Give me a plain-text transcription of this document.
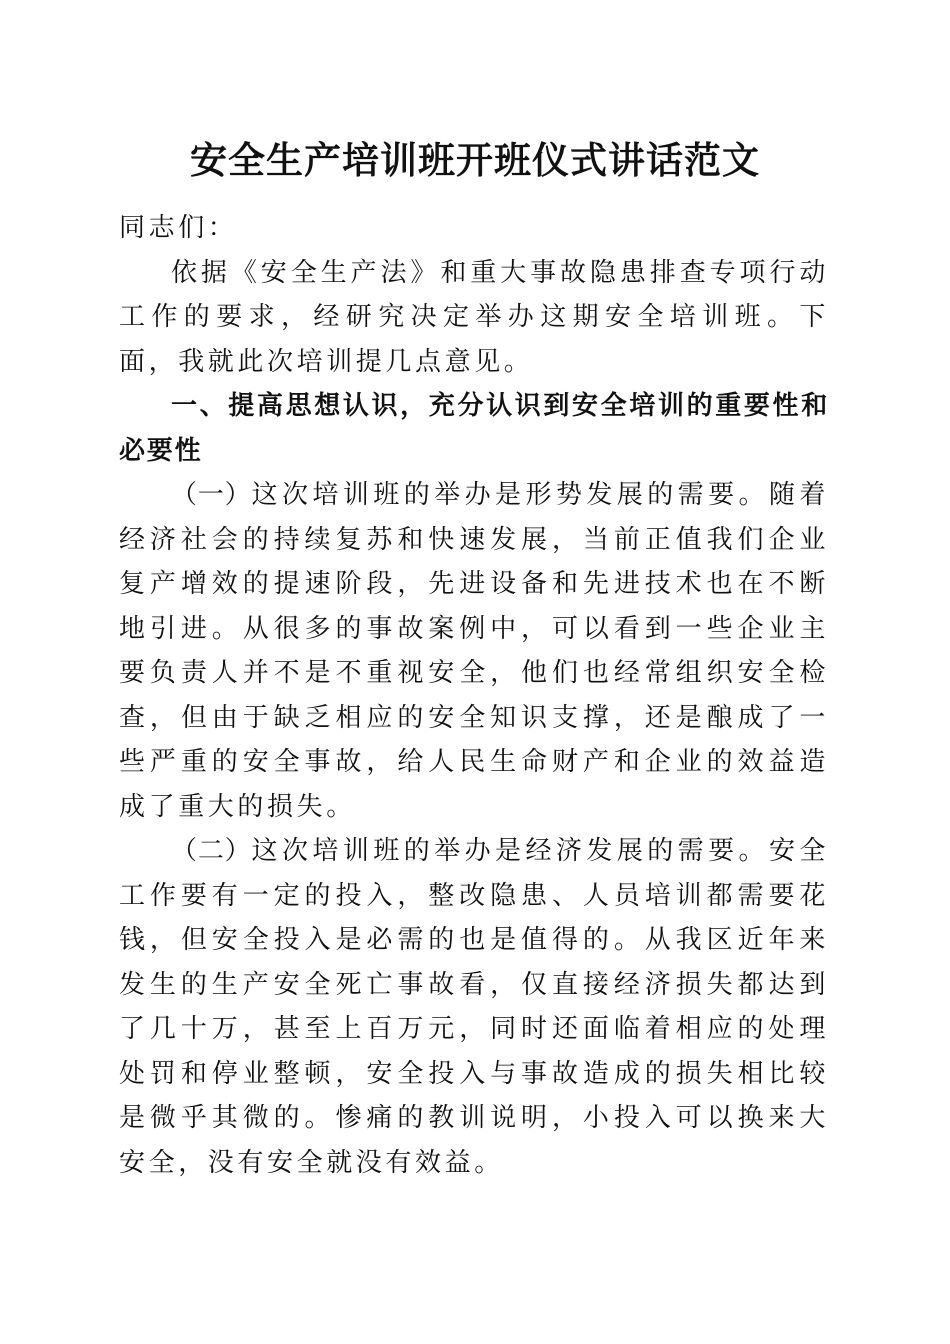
安全生产培训班开班仪式讲话范文

同志们：

依据《安全生产法》和重大事故隐患排查专项行动工作的要求，经研究决定举办这期安全培训班。下面，我就此次培训提几点意见。

一、提高思想认识，充分认识到安全培训的重要性和必要性

（一）这次培训班的举办是形势发展的需要。随着经济社会的持续复苏和快速发展，当前正值我们企业复产增效的提速阶段，先进设备和先进技术也在不断地引进。从很多的事故案例中，可以看到一些企业主要负责人并不是不重视安全，他们也经常组织安全检查，但由于缺乏相应的安全知识支撑，还是酿成了一些严重的安全事故，给人民生命财产和企业的效益造成了重大的损失。

（二）这次培训班的举办是经济发展的需要。安全工作要有一定的投入，整改隐患、人员培训都需要花钱，但安全投入是必需的也是值得的。从我区近年来发生的生产安全死亡事故看，仅直接经济损失都达到了几十万，甚至上百万元，同时还面临着相应的处理处罚和停业整顿，安全投入与事故造成的损失相比较是微乎其微的。惨痛的教训说明，小投入可以换来大安全，没有安全就没有效益。
